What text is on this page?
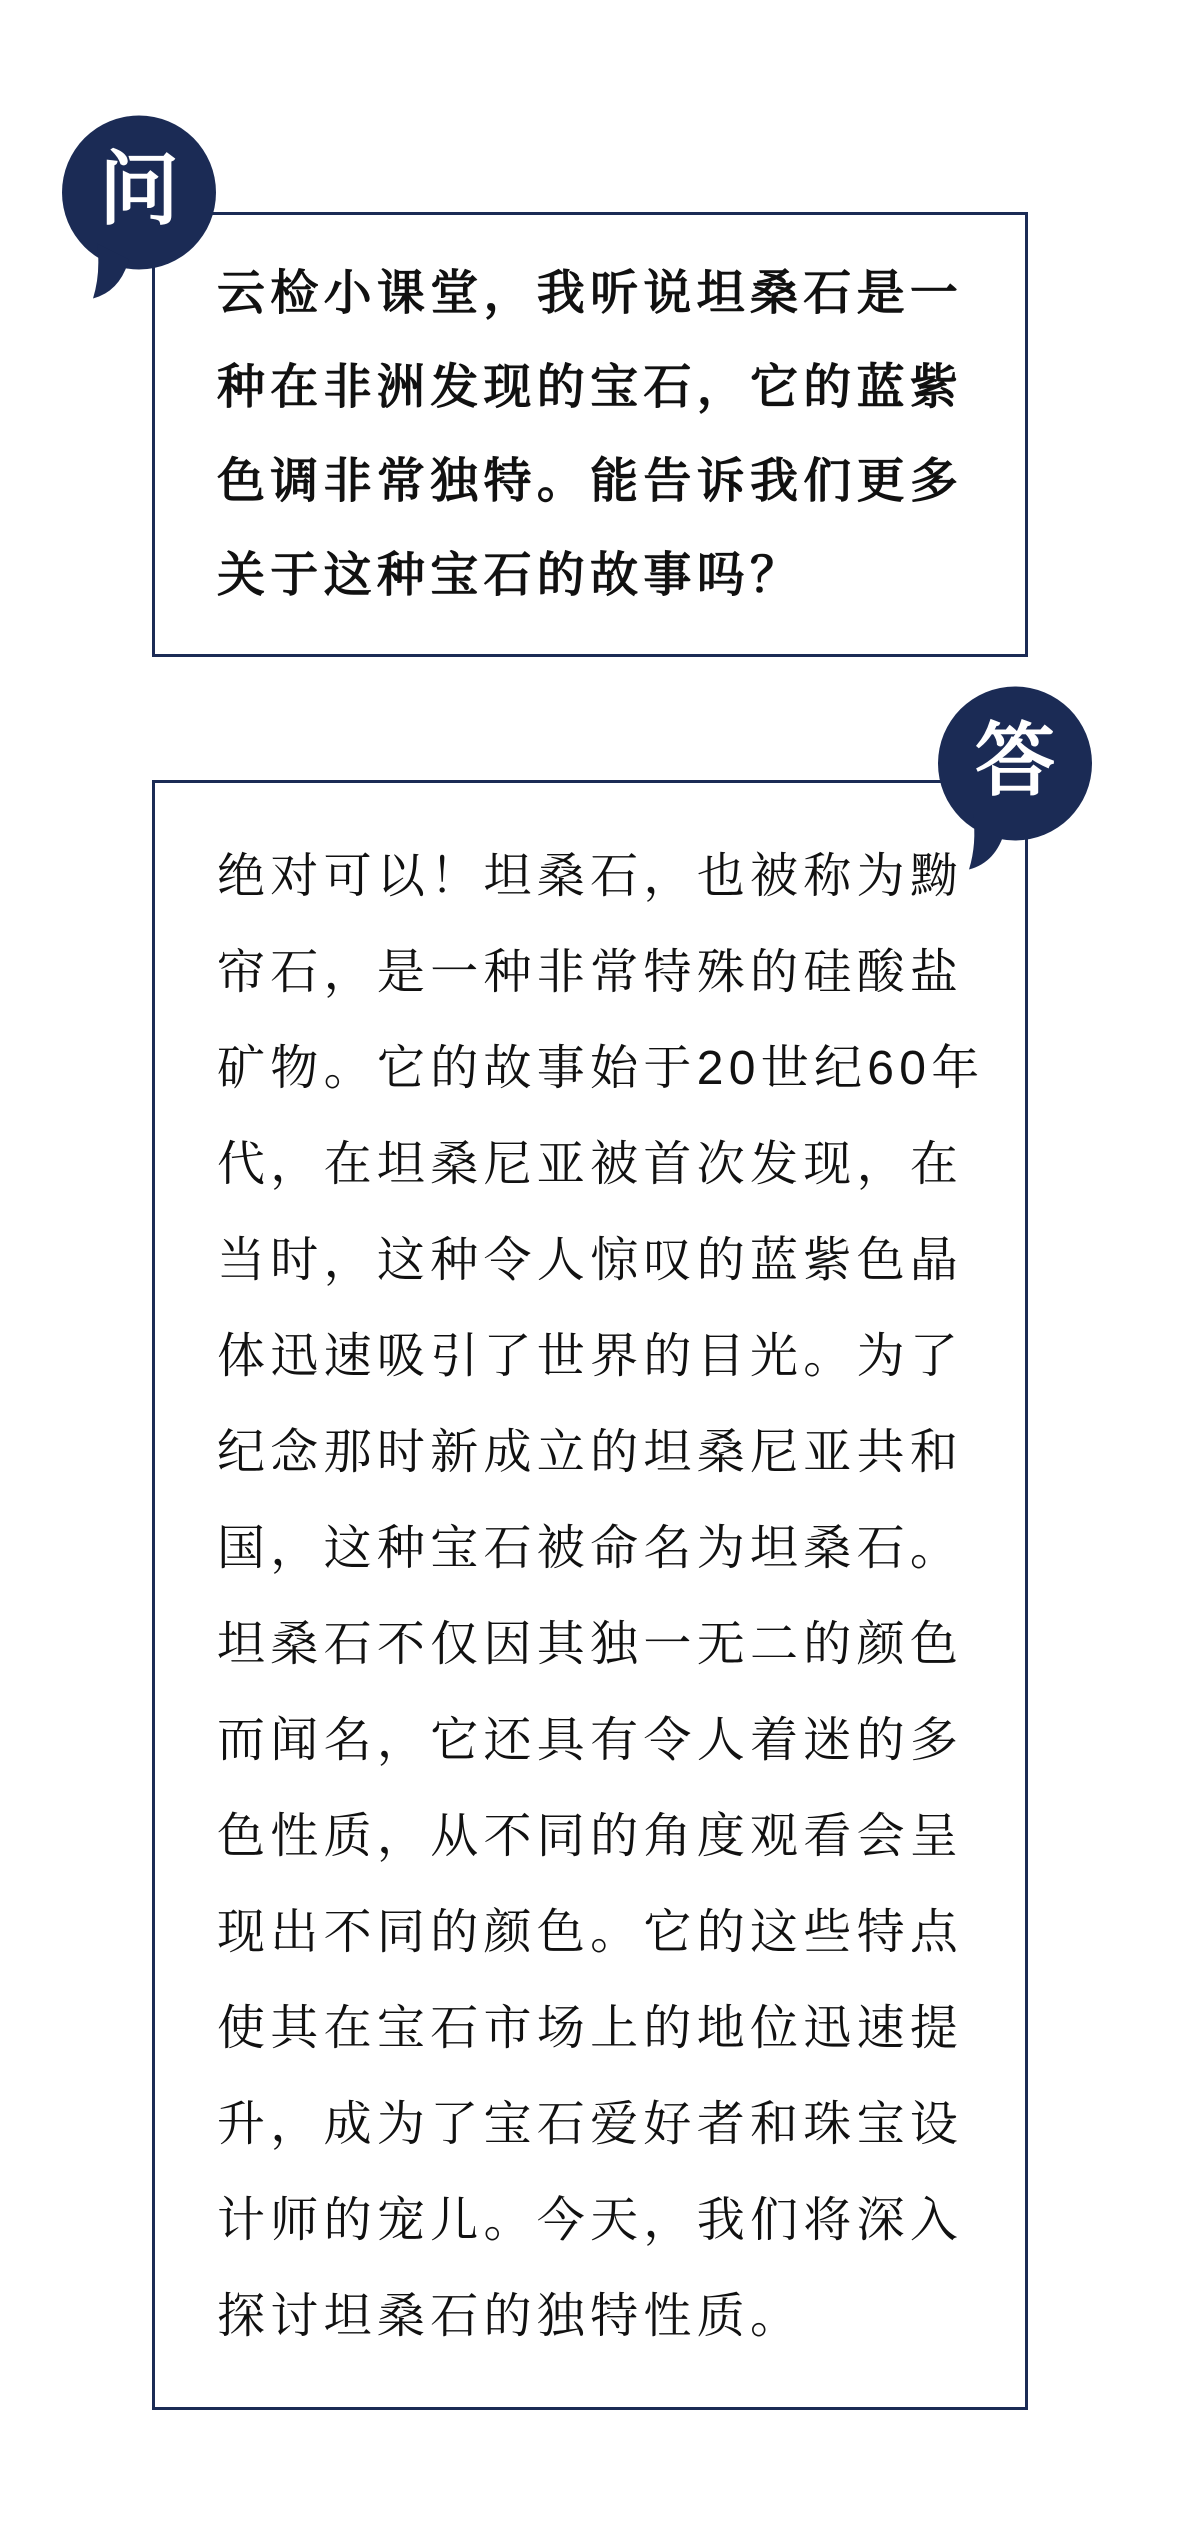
问
云检小课堂，我听说坦桑石是一
种在非洲发现的宝石，它的蓝紫
色调非常独特。能告诉我们更多
关于这种宝石的故事吗？
答
绝对可以！坦桑石，也被称为黝
帘石，是一种非常特殊的硅酸盐
矿物。它的故事始于20世纪60年
代，在坦桑尼亚被首次发现，在
当时，这种令人惊叹的蓝紫色晶
体迅速吸引了世界的目光。为了
纪念那时新成立的坦桑尼亚共和
国，这种宝石被命名为坦桑石。
坦桑石不仅因其独一无二的颜色
而闻名，它还具有令人着迷的多
色性质，从不同的角度观看会呈
现出不同的颜色。它的这些特点
使其在宝石市场上的地位迅速提
升，成为了宝石爱好者和珠宝设
计师的宠儿。今天，我们将深入
探讨坦桑石的独特性质。
